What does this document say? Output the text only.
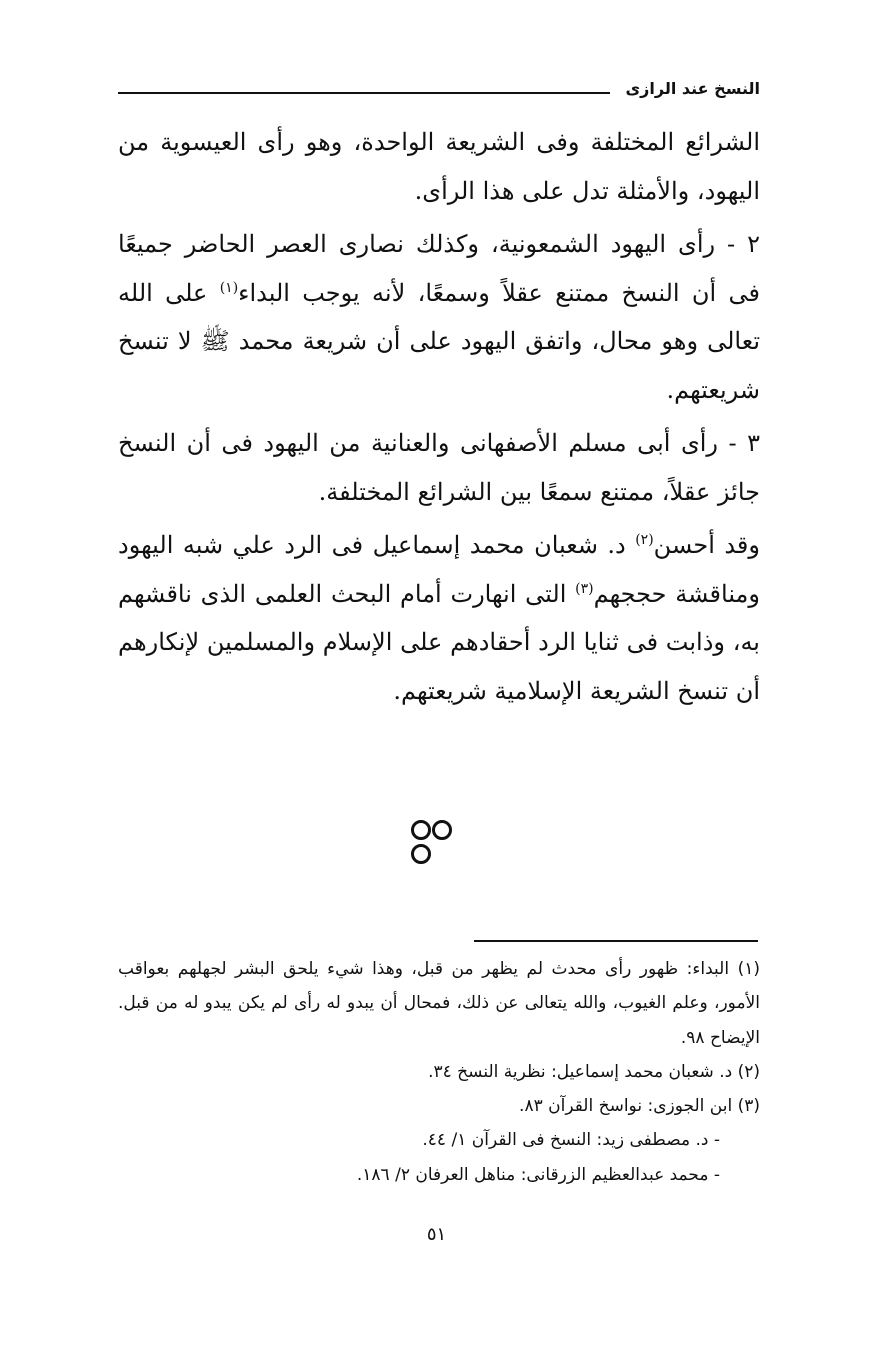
النسخ عند الرازى

الشرائع المختلفة وفى الشريعة الواحدة، وهو رأى العيسوية من اليهود، والأمثلة تدل على هذا الرأى.

٢ - رأى اليهود الشمعونية، وكذلك نصارى العصر الحاضر جميعًا فى أن النسخ ممتنع عقلاً وسمعًا، لأنه يوجب البداء$^{(١)}$ على الله تعالى وهو محال، واتفق اليهود على أن شريعة محمد ﷺ لا تنسخ شريعتهم.

٣ - رأى أبى مسلم الأصفهانى والعنانية من اليهود فى أن النسخ جائز عقلاً، ممتنع سمعًا بين الشرائع المختلفة.

وقد أحسن$^{(٢)}$ د. شعبان محمد إسماعيل فى الرد علي شبه اليهود ومناقشة حججهم$^{(٣)}$ التى انهارت أمام البحث العلمى الذى ناقشهم به، وذابت فى ثنايا الرد أحقادهم على الإسلام والمسلمين لإنكارهم أن تنسخ الشريعة الإسلامية شريعتهم.

(١) البداء: ظهور رأى محدث لم يظهر من قبل، وهذا شيء يلحق البشر لجهلهم بعواقب الأمور، وعلم الغيوب، والله يتعالى عن ذلك، فمحال أن يبدو له رأى لم يكن يبدو له من قبل. الإيضاح ٩٨.

(٢) د. شعبان محمد إسماعيل: نظرية النسخ ٣٤.

(٣) ابن الجوزى: نواسخ القرآن ٨٣.

- د. مصطفى زيد: النسخ فى القرآن ١/ ٤٤.

- محمد عبدالعظيم الزرقانى: مناهل العرفان ٢/ ١٨٦.

٥١
